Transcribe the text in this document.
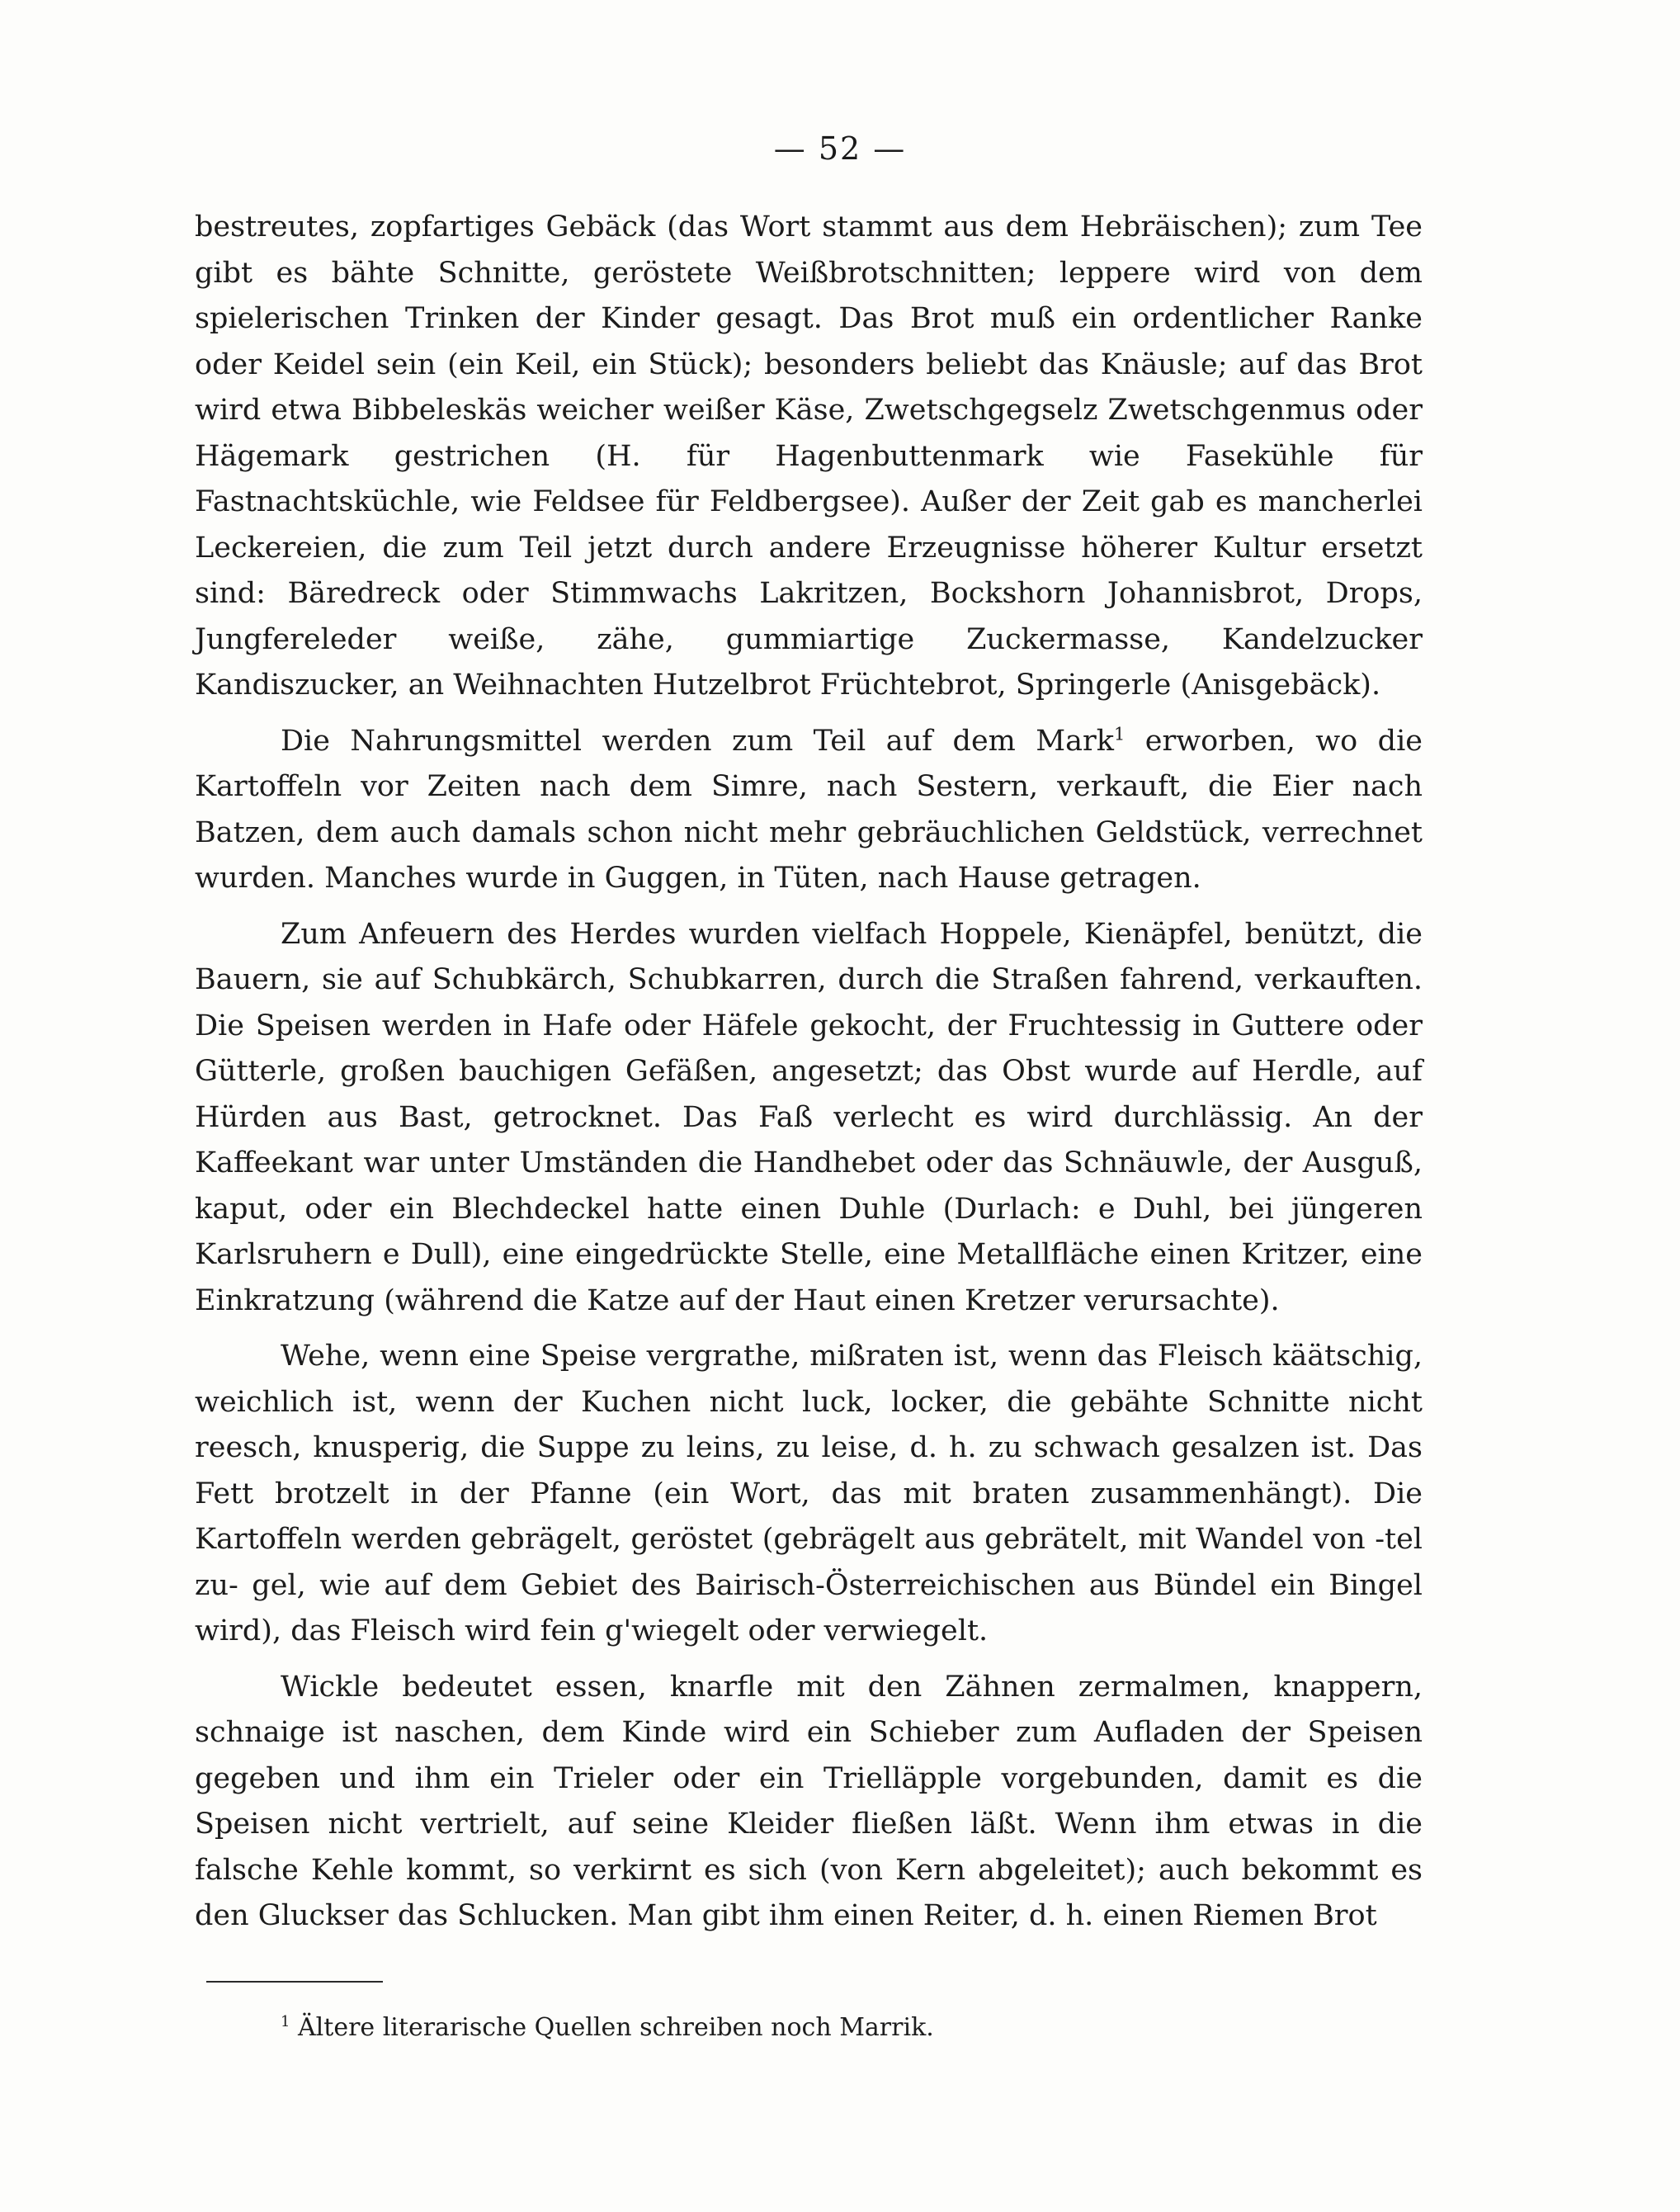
— 52 —

bestreutes, zopfartiges Gebäck (das Wort stammt aus dem Hebräischen); zum Tee gibt es bähte Schnitte, geröstete Weißbrotschnitten; leppere wird von dem spielerischen Trinken der Kinder gesagt. Das Brot muß ein ordentlicher Ranke oder Keidel sein (ein Keil, ein Stück); besonders beliebt das Knäusle; auf das Brot wird etwa Bibbeleskäs weicher weißer Käse, Zwetschgegselz Zwetschgenmus oder Hägemark gestrichen (H. für Hagenbuttenmark wie Fasekühle für Fastnachtsküchle, wie Feldsee für Feldbergsee). Außer der Zeit gab es mancherlei Leckereien, die zum Teil jetzt durch andere Erzeugnisse höherer Kultur ersetzt sind: Bäredreck oder Stimmwachs Lakritzen, Bockshorn Johannisbrot, Drops, Jungfereleder weiße, zähe, gummiartige Zuckermasse, Kandelzucker Kandiszucker, an Weihnachten Hutzelbrot Früchtebrot, Springerle (Anisgebäck).

Die Nahrungsmittel werden zum Teil auf dem Mark$^1$ erworben, wo die Kartoffeln vor Zeiten nach dem Simre, nach Sestern, verkauft, die Eier nach Batzen, dem auch damals schon nicht mehr gebräuchlichen Geldstück, verrechnet wurden. Manches wurde in Guggen, in Tüten, nach Hause getragen.

Zum Anfeuern des Herdes wurden vielfach Hoppele, Kienäpfel, benützt, die Bauern, sie auf Schubkärch, Schubkarren, durch die Straßen fahrend, verkauften. Die Speisen werden in Hafe oder Häfele gekocht, der Fruchtessig in Guttere oder Gütterle, großen bauchigen Gefäßen, angesetzt; das Obst wurde auf Herdle, auf Hürden aus Bast, getrocknet. Das Faß verlecht es wird durchlässig. An der Kaffeekant war unter Umständen die Handhebet oder das Schnäuwle, der Ausguß, kaput, oder ein Blechdeckel hatte einen Duhle (Durlach: e Duhl, bei jüngeren Karlsruhern e Dull), eine eingedrückte Stelle, eine Metallfläche einen Kritzer, eine Einkratzung (während die Katze auf der Haut einen Kretzer verursachte).

Wehe, wenn eine Speise vergrathe, mißraten ist, wenn das Fleisch käätschig, weichlich ist, wenn der Kuchen nicht luck, locker, die gebähte Schnitte nicht reesch, knusperig, die Suppe zu leins, zu leise, d. h. zu schwach gesalzen ist. Das Fett brotzelt in der Pfanne (ein Wort, das mit braten zusammenhängt). Die Kartoffeln werden gebrägelt, geröstet (gebrägelt aus gebrätelt, mit Wandel von -tel zu- gel, wie auf dem Gebiet des Bairisch-Österreichischen aus Bündel ein Bingel wird), das Fleisch wird fein g'wiegelt oder verwiegelt.

Wickle bedeutet essen, knarfle mit den Zähnen zermalmen, knappern, schnaige ist naschen, dem Kinde wird ein Schieber zum Aufladen der Speisen gegeben und ihm ein Trieler oder ein Trielläpple vorgebunden, damit es die Speisen nicht vertrielt, auf seine Kleider fließen läßt. Wenn ihm etwas in die falsche Kehle kommt, so verkirnt es sich (von Kern abgeleitet); auch bekommt es den Gluckser das Schlucken. Man gibt ihm einen Reiter, d. h. einen Riemen Brot

$^1$ Ältere literarische Quellen schreiben noch Marrik.
